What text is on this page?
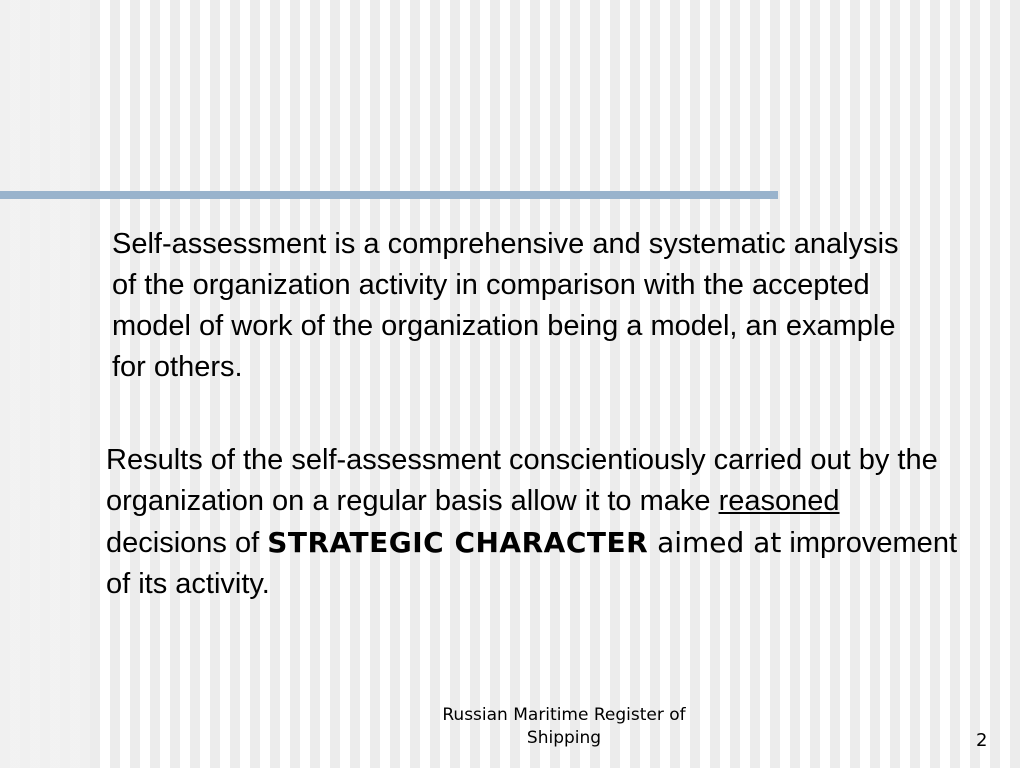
Self-assessment is a comprehensive and systematic analysis of the organization activity in comparison with the accepted model of work of the organization being a model, an example for others.

Results of the self-assessment conscientiously carried out by the organization on a regular basis allow it to make reasoned decisions of STRATEGIC CHARACTER aimed at improvement of its activity.

Russian Maritime Register of
Shipping	2
